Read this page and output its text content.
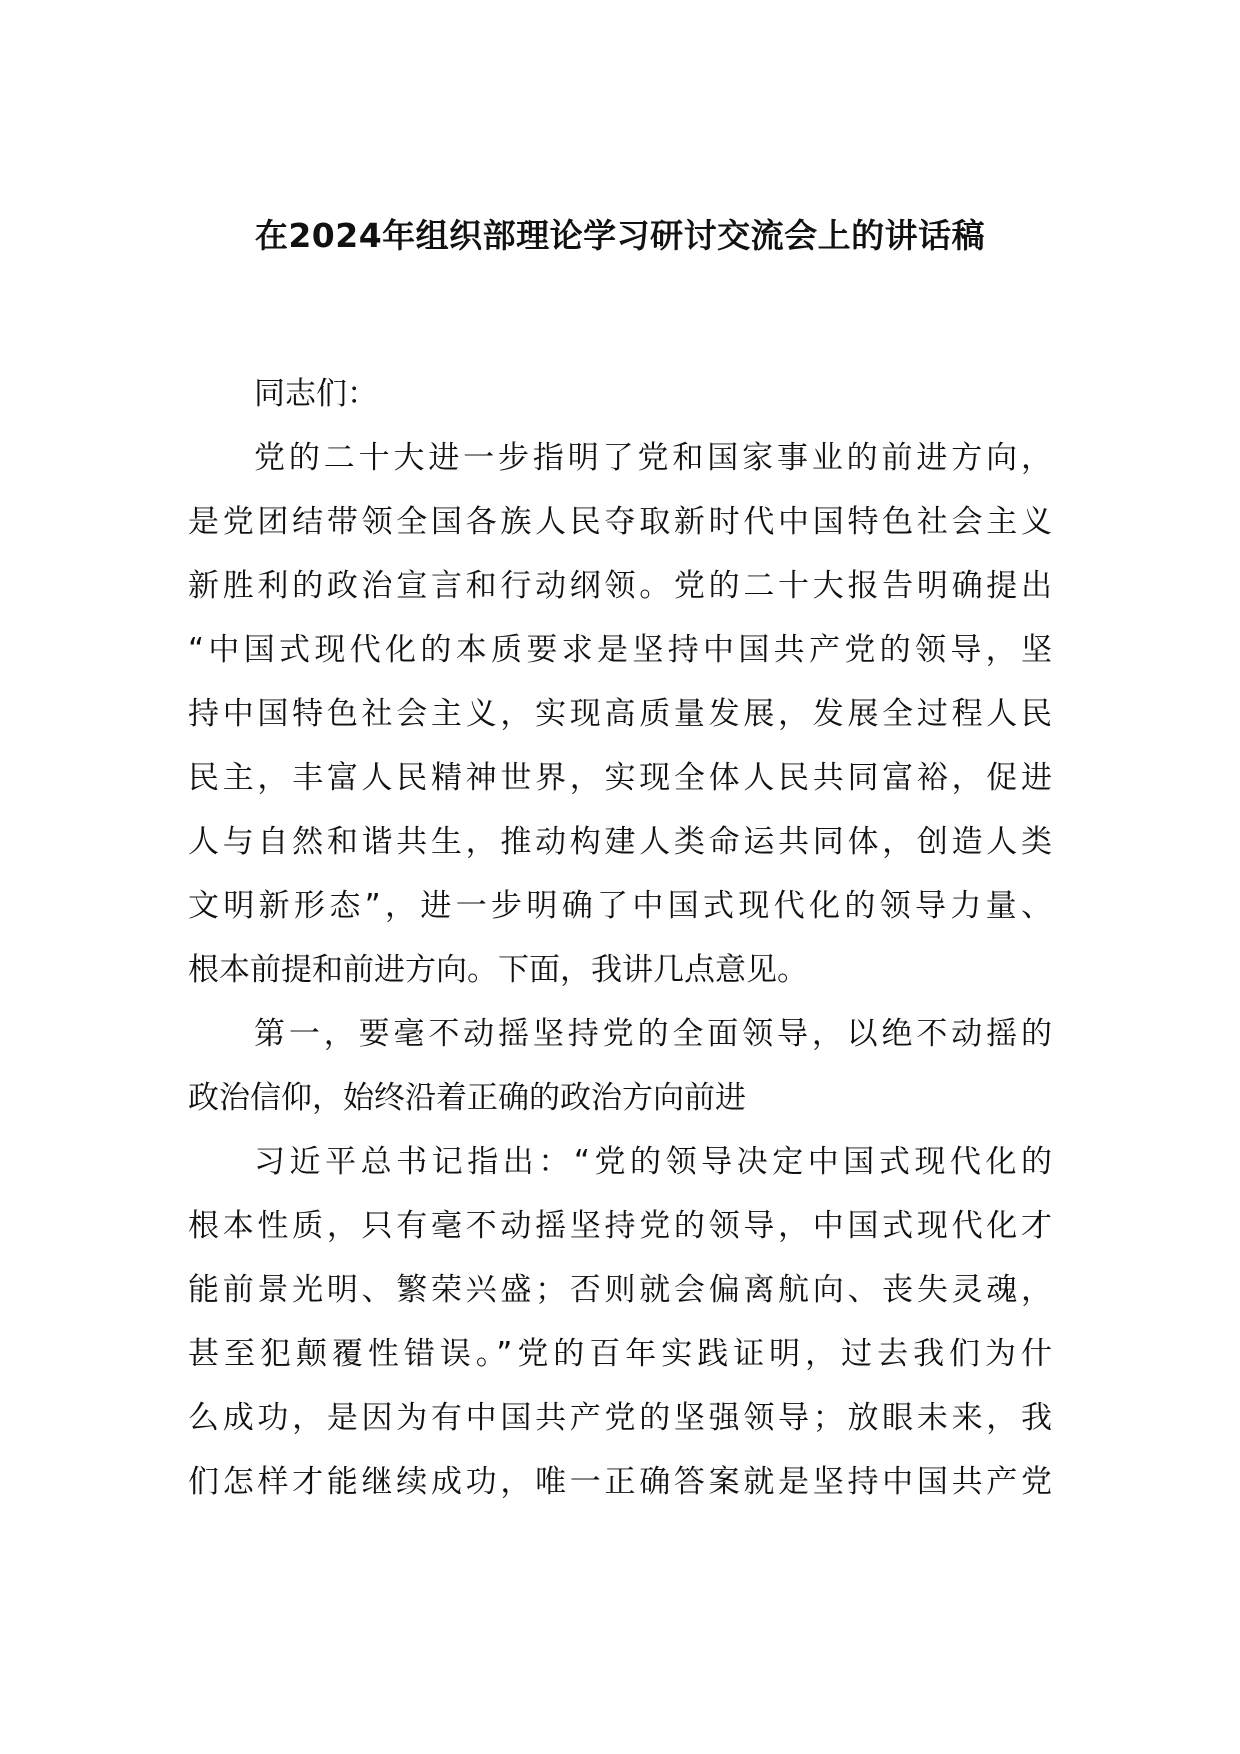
在2024年组织部理论学习研讨交流会上的讲话稿
同志们：
党的二十大进一步指明了党和国家事业的前进方向，
是党团结带领全国各族人民夺取新时代中国特色社会主义
新胜利的政治宣言和行动纲领。党的二十大报告明确提出
“中国式现代化的本质要求是坚持中国共产党的领导，坚
持中国特色社会主义，实现高质量发展，发展全过程人民
民主，丰富人民精神世界，实现全体人民共同富裕，促进
人与自然和谐共生，推动构建人类命运共同体，创造人类
文明新形态”，进一步明确了中国式现代化的领导力量、
根本前提和前进方向。下面，我讲几点意见。
第一，要毫不动摇坚持党的全面领导，以绝不动摇的
政治信仰，始终沿着正确的政治方向前进
习近平总书记指出：“党的领导决定中国式现代化的
根本性质，只有毫不动摇坚持党的领导，中国式现代化才
能前景光明、繁荣兴盛；否则就会偏离航向、丧失灵魂，
甚至犯颠覆性错误。”党的百年实践证明，过去我们为什
么成功，是因为有中国共产党的坚强领导；放眼未来，我
们怎样才能继续成功，唯一正确答案就是坚持中国共产党
